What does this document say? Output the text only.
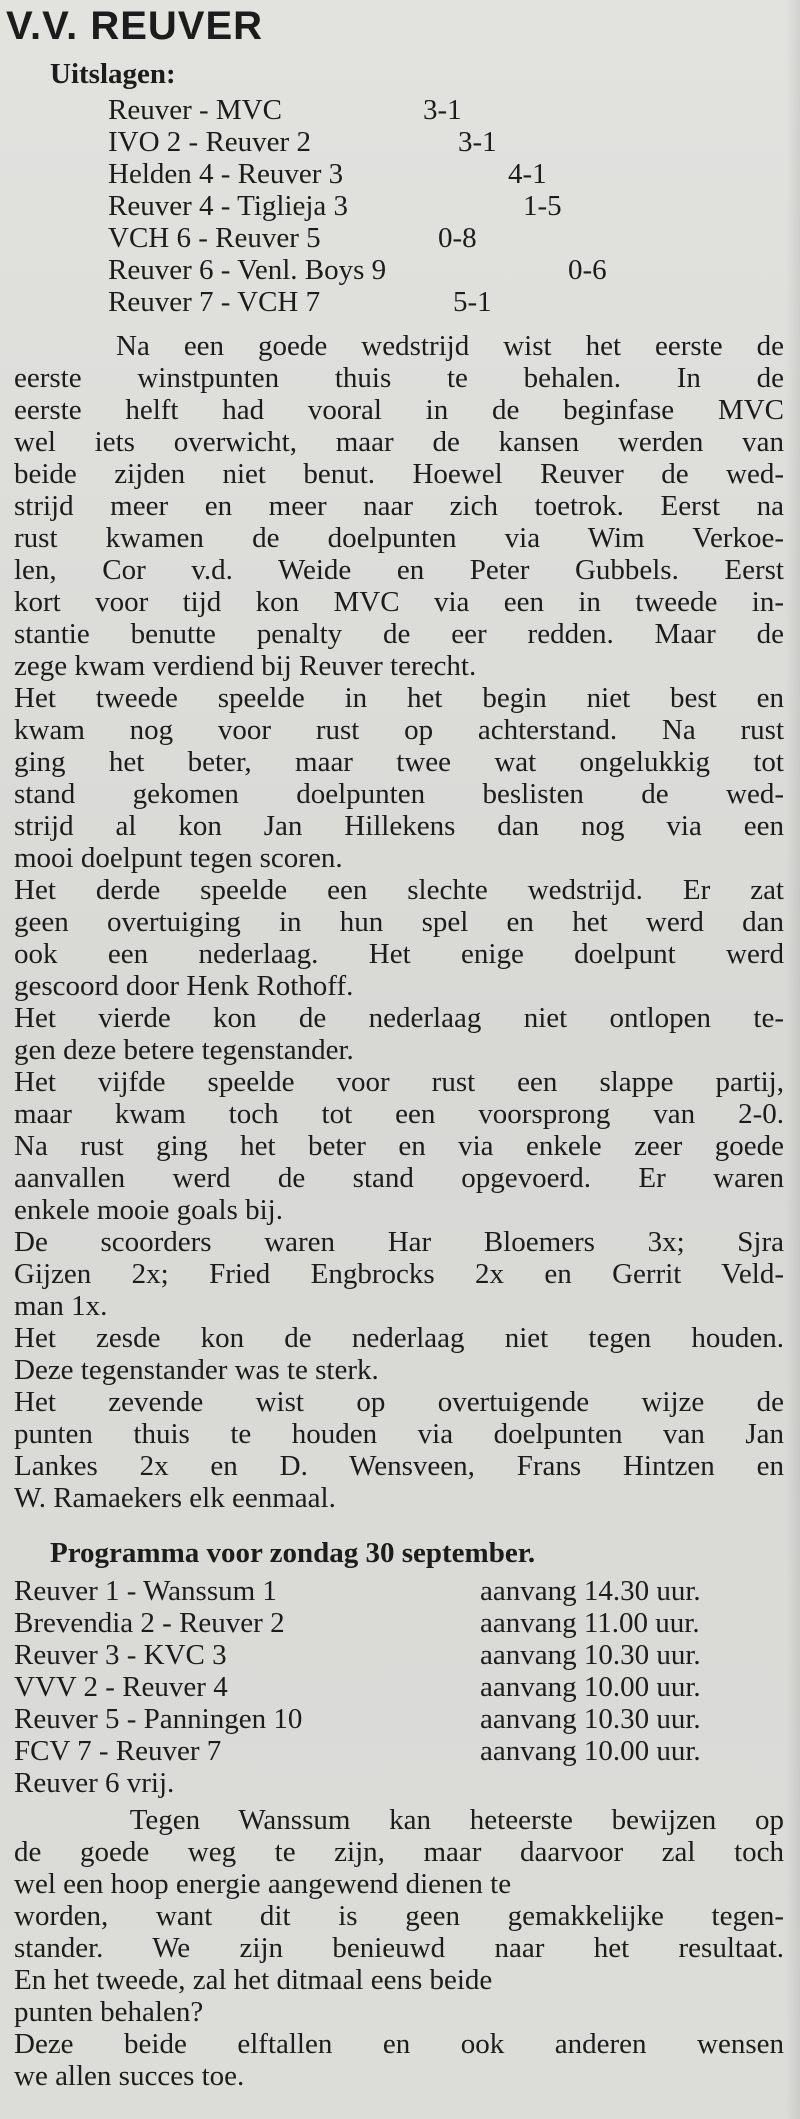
V.V. REUVER
Uitslagen:
Reuver - MVC	3-1
IVO 2 - Reuver 2	3-1
Helden 4 - Reuver 3	4-1
Reuver 4 - Tiglieja 3	1-5
VCH 6 - Reuver 5	0-8
Reuver 6 - Venl. Boys 9	0-6
Reuver 7 - VCH 7	5-1
Na een goede wedstrijd wist het eerste de
eerste winstpunten thuis te behalen. In de
eerste helft had vooral in de beginfase MVC
wel iets overwicht, maar de kansen werden van
beide zijden niet benut. Hoewel Reuver de wed-
strijd meer en meer naar zich toetrok. Eerst na
rust kwamen de doelpunten via Wim Verkoe-
len, Cor v.d. Weide en Peter Gubbels. Eerst
kort voor tijd kon MVC via een in tweede in-
stantie benutte penalty de eer redden. Maar de
zege kwam verdiend bij Reuver terecht.
Het tweede speelde in het begin niet best en
kwam nog voor rust op achterstand. Na rust
ging het beter, maar twee wat ongelukkig tot
stand gekomen doelpunten beslisten de wed-
strijd al kon Jan Hillekens dan nog via een
mooi doelpunt tegen scoren.
Het derde speelde een slechte wedstrijd. Er zat
geen overtuiging in hun spel en het werd dan
ook een nederlaag. Het enige doelpunt werd
gescoord door Henk Rothoff.
Het vierde kon de nederlaag niet ontlopen te-
gen deze betere tegenstander.
Het vijfde speelde voor rust een slappe partij,
maar kwam toch tot een voorsprong van 2-0.
Na rust ging het beter en via enkele zeer goede
aanvallen werd de stand opgevoerd. Er waren
enkele mooie goals bij.
De scoorders waren Har Bloemers 3x; Sjra
Gijzen 2x; Fried Engbrocks 2x en Gerrit Veld-
man 1x.
Het zesde kon de nederlaag niet tegen houden.
Deze tegenstander was te sterk.
Het zevende wist op overtuigende wijze de
punten thuis te houden via doelpunten van Jan
Lankes 2x en D. Wensveen, Frans Hintzen en
W. Ramaekers elk eenmaal.
Programma voor zondag 30 september.
Reuver 1 - Wanssum 1	aanvang 14.30 uur.
Brevendia 2 - Reuver 2	aanvang 11.00 uur.
Reuver 3 - KVC 3	aanvang 10.30 uur.
VVV 2 - Reuver 4	aanvang 10.00 uur.
Reuver 5 - Panningen 10	aanvang 10.30 uur.
FCV 7 - Reuver 7	aanvang 10.00 uur.
Reuver 6 vrij.
Tegen Wanssum kan heteerste bewijzen op
de goede weg te zijn, maar daarvoor zal toch
wel een hoop energie aangewend dienen te
worden, want dit is geen gemakkelijke tegen-
stander. We zijn benieuwd naar het resultaat.
En het tweede, zal het ditmaal eens beide
punten behalen?
Deze beide elftallen en ook anderen wensen
we allen succes toe.
